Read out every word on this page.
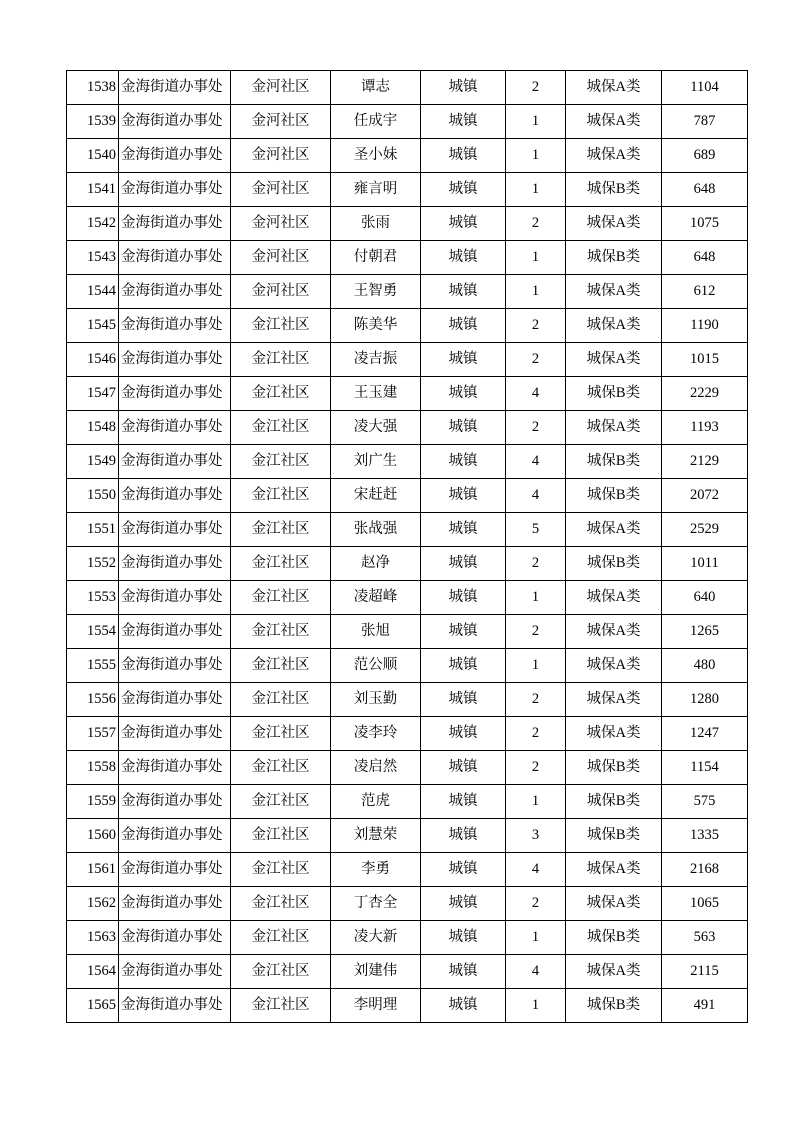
1538	金海街道办事处	金河社区	谭志	城镇	2	城保A类	1104
1539	金海街道办事处	金河社区	任成宇	城镇	1	城保A类	787
1540	金海街道办事处	金河社区	圣小妹	城镇	1	城保A类	689
1541	金海街道办事处	金河社区	雍言明	城镇	1	城保B类	648
1542	金海街道办事处	金河社区	张雨	城镇	2	城保A类	1075
1543	金海街道办事处	金河社区	付朝君	城镇	1	城保B类	648
1544	金海街道办事处	金河社区	王智勇	城镇	1	城保A类	612
1545	金海街道办事处	金江社区	陈美华	城镇	2	城保A类	1190
1546	金海街道办事处	金江社区	凌吉振	城镇	2	城保A类	1015
1547	金海街道办事处	金江社区	王玉建	城镇	4	城保B类	2229
1548	金海街道办事处	金江社区	凌大强	城镇	2	城保A类	1193
1549	金海街道办事处	金江社区	刘广生	城镇	4	城保B类	2129
1550	金海街道办事处	金江社区	宋赶赶	城镇	4	城保B类	2072
1551	金海街道办事处	金江社区	张战强	城镇	5	城保A类	2529
1552	金海街道办事处	金江社区	赵净	城镇	2	城保B类	1011
1553	金海街道办事处	金江社区	凌超峰	城镇	1	城保A类	640
1554	金海街道办事处	金江社区	张旭	城镇	2	城保A类	1265
1555	金海街道办事处	金江社区	范公顺	城镇	1	城保A类	480
1556	金海街道办事处	金江社区	刘玉勤	城镇	2	城保A类	1280
1557	金海街道办事处	金江社区	凌李玲	城镇	2	城保A类	1247
1558	金海街道办事处	金江社区	凌启然	城镇	2	城保B类	1154
1559	金海街道办事处	金江社区	范虎	城镇	1	城保B类	575
1560	金海街道办事处	金江社区	刘慧荣	城镇	3	城保B类	1335
1561	金海街道办事处	金江社区	李勇	城镇	4	城保A类	2168
1562	金海街道办事处	金江社区	丁杏全	城镇	2	城保A类	1065
1563	金海街道办事处	金江社区	凌大新	城镇	1	城保B类	563
1564	金海街道办事处	金江社区	刘建伟	城镇	4	城保A类	2115
1565	金海街道办事处	金江社区	李明理	城镇	1	城保B类	491
